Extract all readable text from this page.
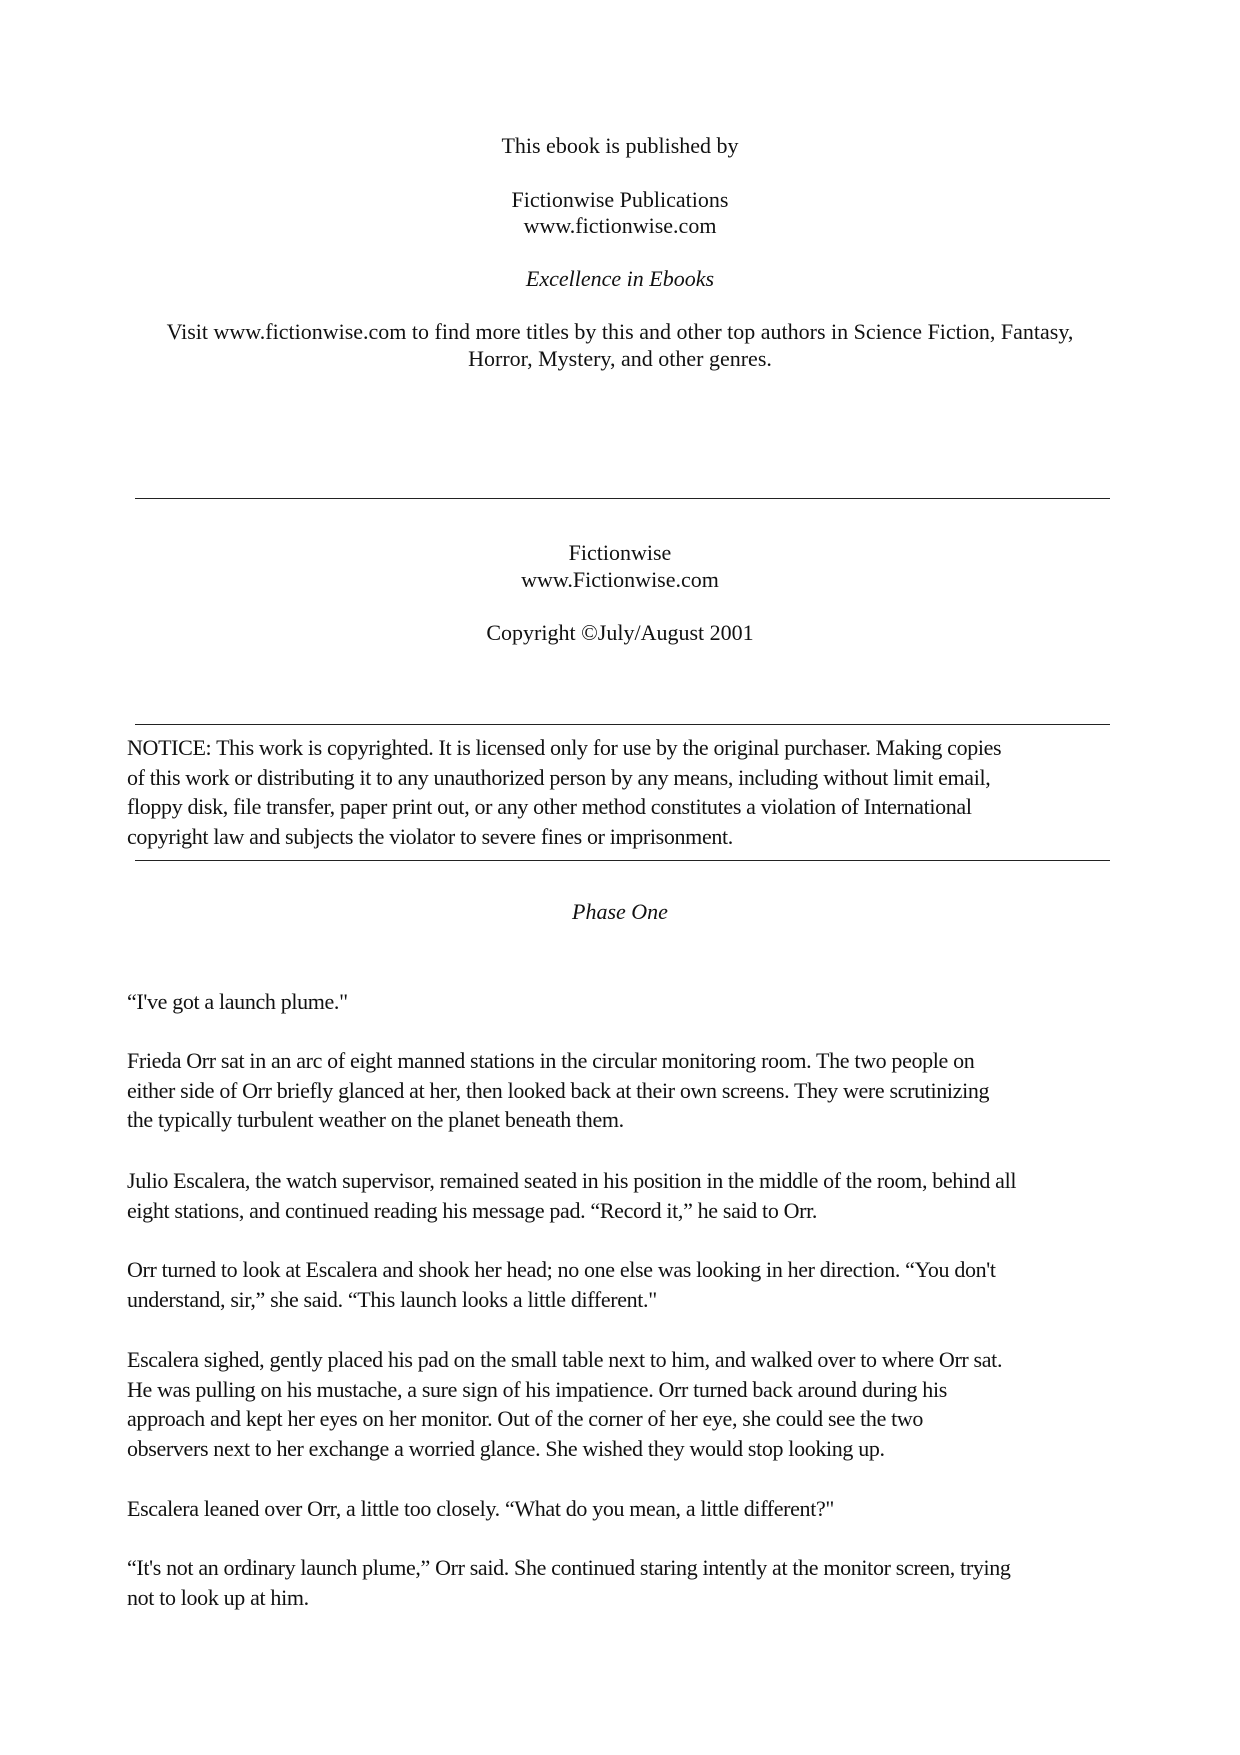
This ebook is published by
Fictionwise Publications
www.fictionwise.com
Excellence in Ebooks
Visit www.fictionwise.com to find more titles by this and other top authors in Science Fiction, Fantasy,
Horror, Mystery, and other genres.
Fictionwise
www.Fictionwise.com
Copyright ©July/August 2001
NOTICE: This work is copyrighted. It is licensed only for use by the original purchaser. Making copies
of this work or distributing it to any unauthorized person by any means, including without limit email,
floppy disk, file transfer, paper print out, or any other method constitutes a violation of International
copyright law and subjects the violator to severe fines or imprisonment.
Phase One
“I've got a launch plume."
Frieda Orr sat in an arc of eight manned stations in the circular monitoring room. The two people on
either side of Orr briefly glanced at her, then looked back at their own screens. They were scrutinizing
the typically turbulent weather on the planet beneath them.
Julio Escalera, the watch supervisor, remained seated in his position in the middle of the room, behind all
eight stations, and continued reading his message pad. “Record it,” he said to Orr.
Orr turned to look at Escalera and shook her head; no one else was looking in her direction. “You don't
understand, sir,” she said. “This launch looks a little different."
Escalera sighed, gently placed his pad on the small table next to him, and walked over to where Orr sat.
He was pulling on his mustache, a sure sign of his impatience. Orr turned back around during his
approach and kept her eyes on her monitor. Out of the corner of her eye, she could see the two
observers next to her exchange a worried glance. She wished they would stop looking up.
Escalera leaned over Orr, a little too closely. “What do you mean, a little different?"
“It's not an ordinary launch plume,” Orr said. She continued staring intently at the monitor screen, trying
not to look up at him.
